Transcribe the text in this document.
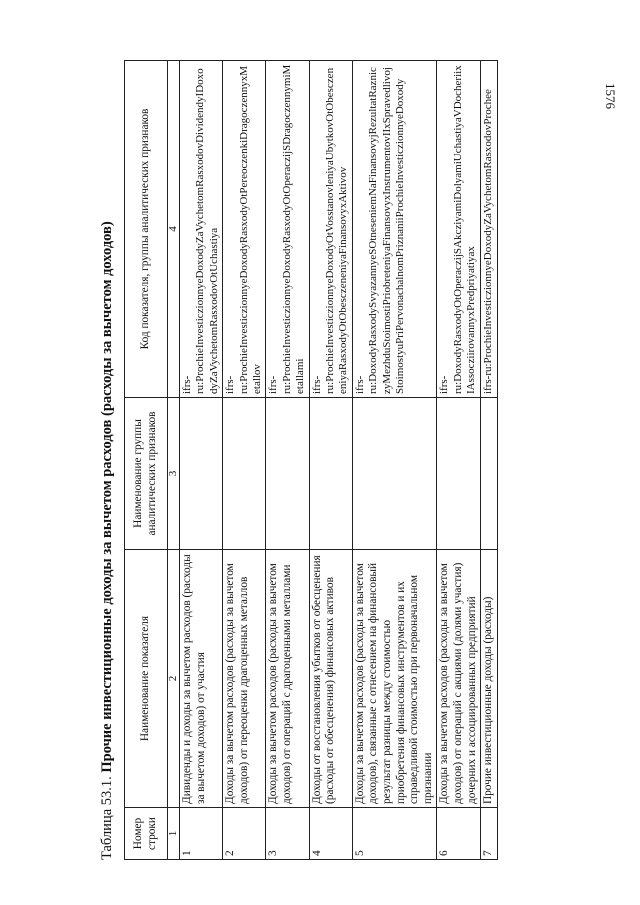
1576
Таблица 53.1. Прочие инвестиционные доходы за вычетом расходов (расходы за вычетом доходов)
Номер строки	Наименование показателя	Наименование группы аналитических признаков	Код показателя, группы аналитических признаков
1	2	3	4
1	Дивиденды и доходы за вычетом расходов (расходы за вычетом доходов) от участия		ifrs-ru:ProchieInvesticzionnyeDoxodyZaVychetomRasxodovDividendyIDoxodyZaVychetomRasxodovOtUchastiya
2	Доходы за вычетом расходов (расходы за вычетом доходов) от переоценки драгоценных металлов		ifrs-ru:ProchieInvesticzionnyeDoxodyRasxodyOtPereoczenkiDragoczennyxMetallov
3	Доходы за вычетом расходов (расходы за вычетом доходов) от операций с драгоценными металлами		ifrs-ru:ProchieInvesticzionnyeDoxodyRasxodyOtOperaczijSDragoczennymiMetallami
4	Доходы от восстановления убытков от обесценения (расходы от обесценения) финансовых активов		ifrs-ru:ProchieInvesticzionnyeDoxodyOtVosstanovleniyaUbytkovOtObesczeneniyaRasxodyOtObesczeneniyaFinansovyxAktivov
5	Доходы за вычетом расходов (расходы за вычетом доходов), связанные с отнесением на финансовый результат разницы между стоимостью приобретения финансовых инструментов и их справедливой стоимостью при первоначальном признании		ifrs-ru:DoxodyRasxodySvyazannyeSOtneseniemNaFinansovyjRezultatRazniczyMezhduStoimostiPriobreteniyaFinansovyxInstrumentovIIxSpravedlivojStoimostyuPriPervonachalnomPriznaniiProchieInvesticzionnyeDoxody
6	Доходы за вычетом расходов (расходы за вычетом доходов) от операций с акциями (долями участия) дочерних и ассоциированных предприятий		ifrs-ru:DoxodyRasxodyOtOperaczijSAkcziyamiDolyamiUchastiyaVDocheriixIAssocziirovannyxPredpriyatiyax
7	Прочие инвестиционные доходы (расходы)		ifrs-ru:ProchieInvesticzionnyeDoxodyZaVychetomRasxodovProchee
